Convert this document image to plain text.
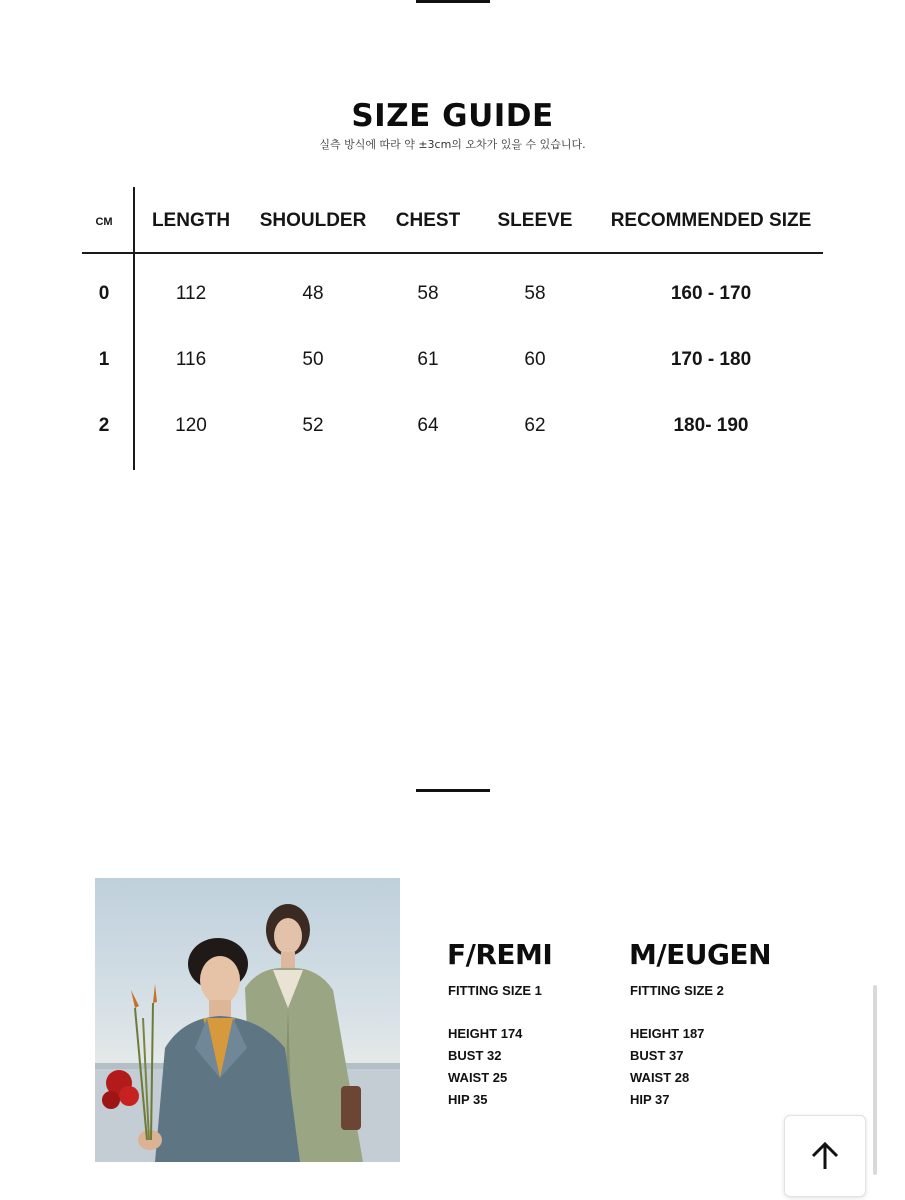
SIZE GUIDE
실측 방식에 따라 약 ±3cm의 오차가 있을 수 있습니다.
CM LENGTH SHOULDER CHEST SLEEVE RECOMMENDED SIZE
0	112	48	58	58	160 - 170
1	116	50	61	60	170 - 180
2	120	52	64	62	180- 190
F/REMI
FITTING SIZE 1
HEIGHT 174
BUST 32
WAIST 25
HIP 35
M/EUGEN
FITTING SIZE 2
HEIGHT 187
BUST 37
WAIST 28
HIP 37
